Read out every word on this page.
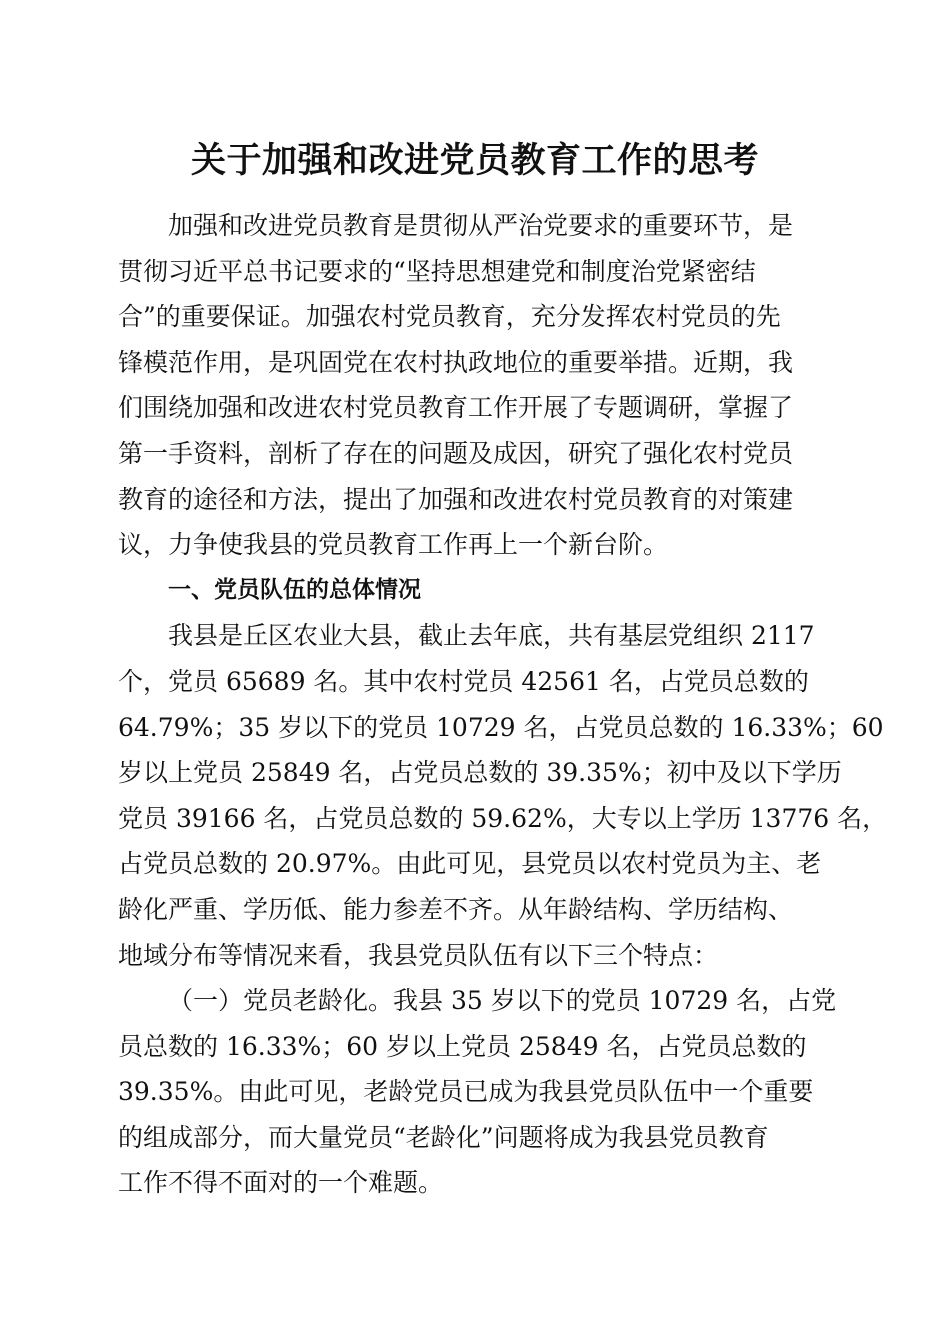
关于加强和改进党员教育工作的思考
加强和改进党员教育是贯彻从严治党要求的重要环节，是
贯彻习近平总书记要求的“坚持思想建党和制度治党紧密结
合”的重要保证。加强农村党员教育，充分发挥农村党员的先
锋模范作用，是巩固党在农村执政地位的重要举措。近期，我
们围绕加强和改进农村党员教育工作开展了专题调研，掌握了
第一手资料，剖析了存在的问题及成因，研究了强化农村党员
教育的途径和方法，提出了加强和改进农村党员教育的对策建
议，力争使我县的党员教育工作再上一个新台阶。
一、党员队伍的总体情况
我县是丘区农业大县，截止去年底，共有基层党组织 2117
个，党员 65689 名。其中农村党员 42561 名，占党员总数的
64.79%；35 岁以下的党员 10729 名，占党员总数的 16.33%；60
岁以上党员 25849 名，占党员总数的 39.35%；初中及以下学历
党员 39166 名，占党员总数的 59.62%，大专以上学历 13776 名，
占党员总数的 20.97%。由此可见，县党员以农村党员为主、老
龄化严重、学历低、能力参差不齐。从年龄结构、学历结构、
地域分布等情况来看，我县党员队伍有以下三个特点：
（一）党员老龄化。我县 35 岁以下的党员 10729 名，占党
员总数的 16.33%；60 岁以上党员 25849 名，占党员总数的
39.35%。由此可见，老龄党员已成为我县党员队伍中一个重要
的组成部分，而大量党员“老龄化”问题将成为我县党员教育
工作不得不面对的一个难题。
